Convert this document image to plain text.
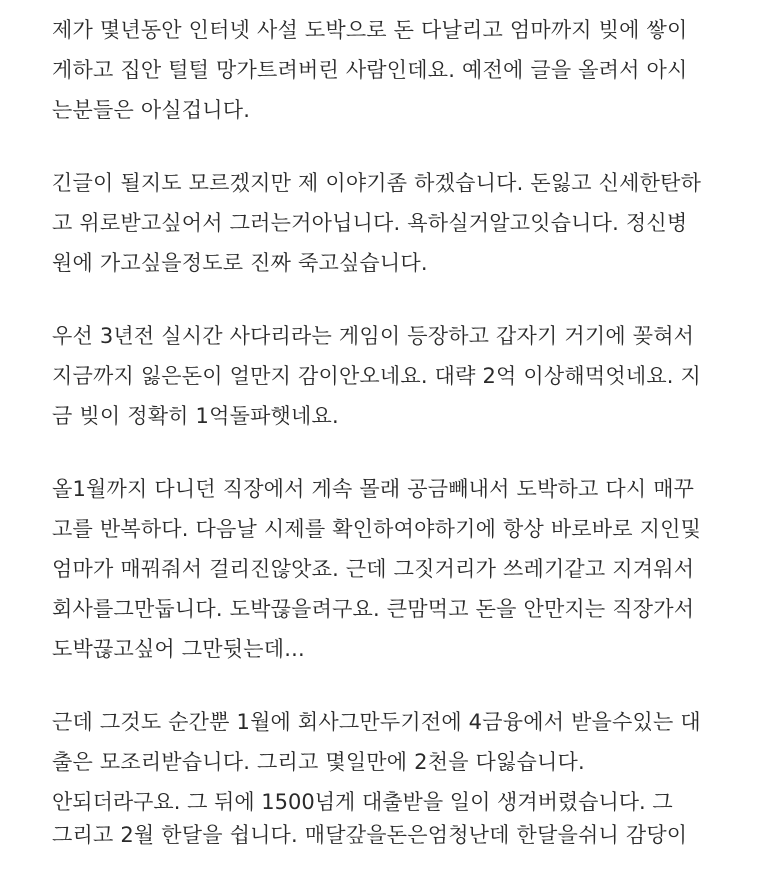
제가 몇년동안 인터넷 사설 도박으로 돈 다날리고 엄마까지 빚에 쌓이
게하고 집안 털털 망가트려버린 사람인데요. 예전에 글을 올려서 아시
는분들은 아실겁니다.
긴글이 될지도 모르겠지만 제 이야기좀 하겠습니다. 돈잃고 신세한탄하
고 위로받고싶어서 그러는거아닙니다. 욕하실거알고잇습니다. 정신병
원에 가고싶을정도로 진짜 죽고싶습니다.
우선 3년전 실시간 사다리라는 게임이 등장하고 갑자기 거기에 꽂혀서
지금까지 잃은돈이 얼만지 감이안오네요. 대략 2억 이상해먹엇네요. 지
금 빚이 정확히 1억돌파햇네요.
올1월까지 다니던 직장에서 게속 몰래 공금빼내서 도박하고 다시 매꾸
고를 반복하다. 다음날 시제를 확인하여야하기에 항상 바로바로 지인및
엄마가 매꿔줘서 걸리진않앗죠. 근데 그짓거리가 쓰레기같고 지겨워서
회사를그만둡니다. 도박끊을려구요. 큰맘먹고 돈을 안만지는 직장가서
도박끊고싶어 그만뒷는데...
근데 그것도 순간뿐 1월에 회사그만두기전에 4금융에서 받을수있는 대
출은 모조리받습니다. 그리고 몇일만에 2천을 다잃습니다.
그리고 2월 한달을 쉽니다. 매달갚을돈은엄청난데 한달을쉬니 감당이
안되더라구요. 그 뒤에 1500넘게 대출받을 일이 생겨버렸습니다. 그
